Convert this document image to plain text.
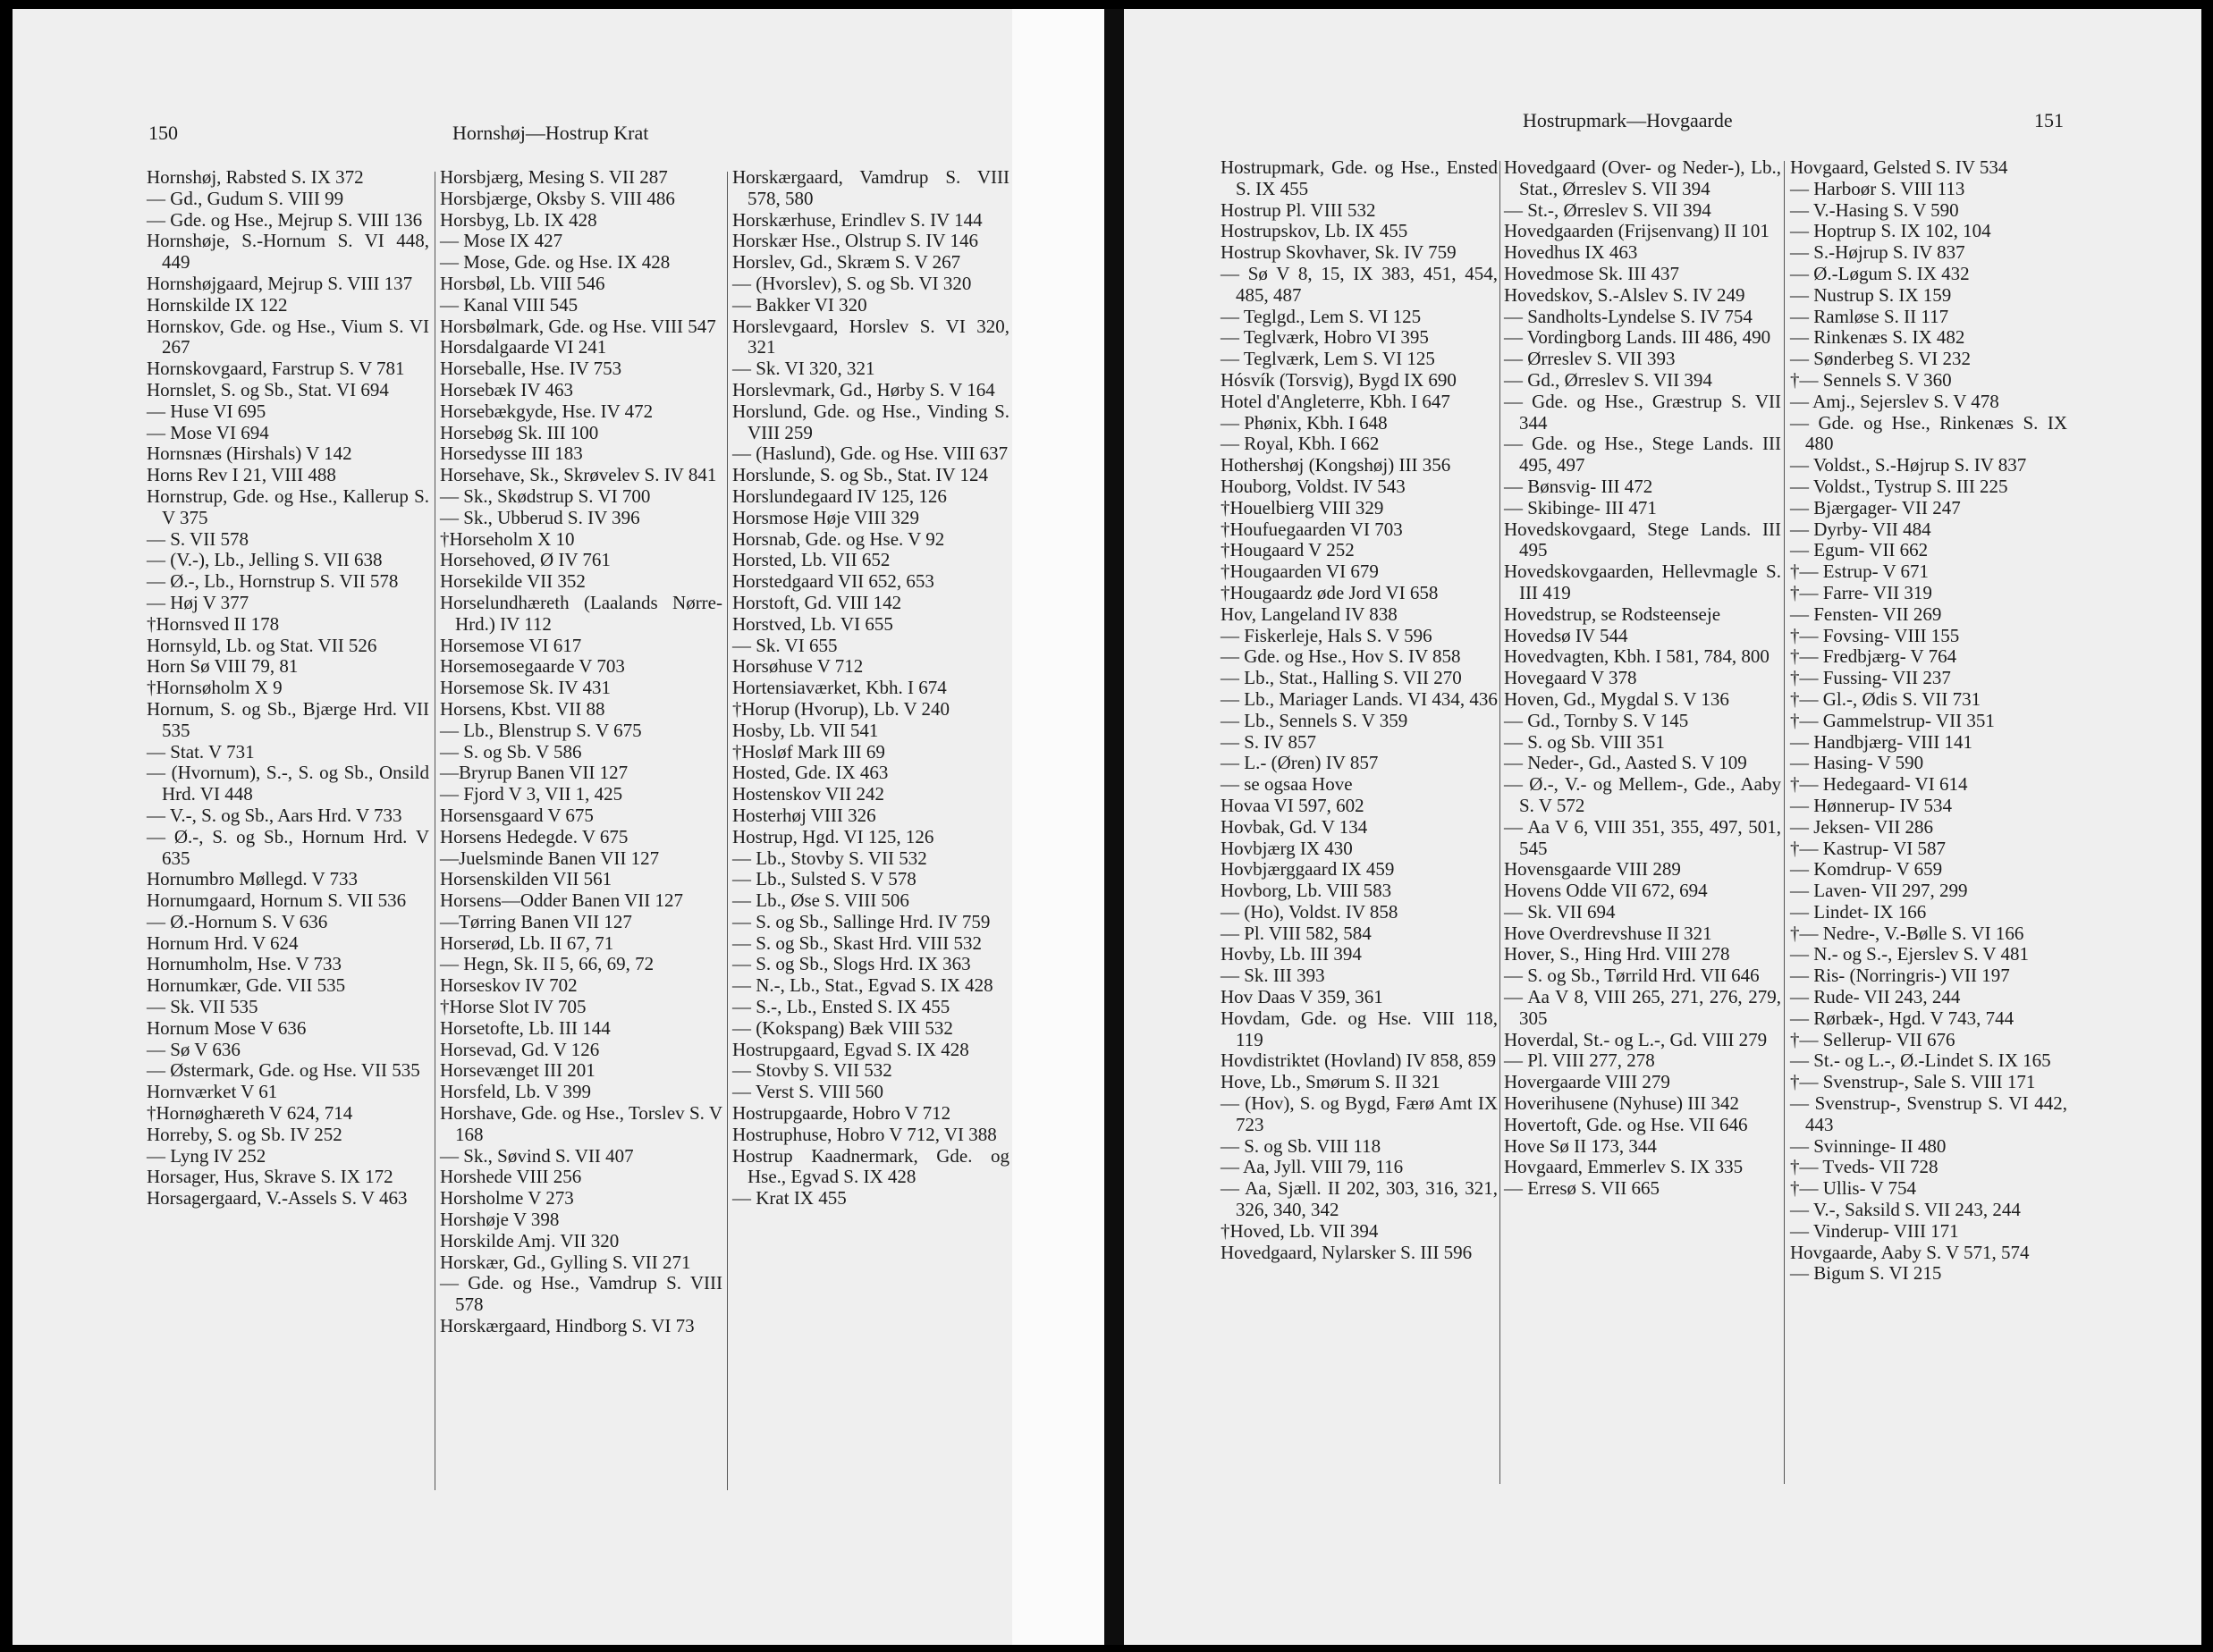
150	Hornshøj—Hostrup Krat
Hornshøj, Rabsted S. IX 372
— Gd., Gudum S. VIII 99
— Gde. og Hse., Mejrup S. VIII 136
Hornshøje, S.-Hornum S. VI 448, 449
Hornshøjgaard, Mejrup S. VIII 137
Hornskilde IX 122
Hornskov, Gde. og Hse., Vium S. VI 267
Hornskovgaard, Farstrup S. V 781
Hornslet, S. og Sb., Stat. VI 694
— Huse VI 695
— Mose VI 694
Hornsnæs (Hirshals) V 142
Horns Rev I 21, VIII 488
Hornstrup, Gde. og Hse., Kallerup S. V 375
— S. VII 578
— (V.-), Lb., Jelling S. VII 638
— Ø.-, Lb., Hornstrup S. VII 578
— Høj V 377
†Hornsved II 178
Hornsyld, Lb. og Stat. VII 526
Horn Sø VIII 79, 81
†Hornsøholm X 9
Hornum, S. og Sb., Bjærge Hrd. VII 535
— Stat. V 731
— (Hvornum), S.-, S. og Sb., Onsild Hrd. VI 448
— V.-, S. og Sb., Aars Hrd. V 733
— Ø.-, S. og Sb., Hornum Hrd. V 635
Hornumbro Møllegd. V 733
Hornumgaard, Hornum S. VII 536
— Ø.-Hornum S. V 636
Hornum Hrd. V 624
Hornumholm, Hse. V 733
Hornumkær, Gde. VII 535
— Sk. VII 535
Hornum Mose V 636
— Sø V 636
— Østermark, Gde. og Hse. VII 535
Hornværket V 61
†Hornøghæreth V 624, 714
Horreby, S. og Sb. IV 252
— Lyng IV 252
Horsager, Hus, Skrave S. IX 172
Horsagergaard, V.-Assels S. V 463
Horsbjærg, Mesing S. VII 287
Horsbjærge, Oksby S. VIII 486
Horsbyg, Lb. IX 428
— Mose IX 427
— Mose, Gde. og Hse. IX 428
Horsbøl, Lb. VIII 546
— Kanal VIII 545
Horsbølmark, Gde. og Hse. VIII 547
Horsdalgaarde VI 241
Horseballe, Hse. IV 753
Horsebæk IV 463
Horsebækgyde, Hse. IV 472
Horsebøg Sk. III 100
Horsedysse III 183
Horsehave, Sk., Skrøvelev S. IV 841
— Sk., Skødstrup S. VI 700
— Sk., Ubberud S. IV 396
†Horseholm X 10
Horsehoved, Ø IV 761
Horsekilde VII 352
Horselundhæreth (Laalands Nørre-Hrd.) IV 112
Horsemose VI 617
Horsemosegaarde V 703
Horsemose Sk. IV 431
Horsens, Kbst. VII 88
— Lb., Blenstrup S. V 675
— S. og Sb. V 586
—Bryrup Banen VII 127
— Fjord V 3, VII 1, 425
Horsensgaard V 675
Horsens Hedegde. V 675
—Juelsminde Banen VII 127
Horsenskilden VII 561
Horsens—Odder Banen VII 127
—Tørring Banen VII 127
Horserød, Lb. II 67, 71
— Hegn, Sk. II 5, 66, 69, 72
Horseskov IV 702
†Horse Slot IV 705
Horsetofte, Lb. III 144
Horsevad, Gd. V 126
Horsevænget III 201
Horsfeld, Lb. V 399
Horshave, Gde. og Hse., Torslev S. V 168
— Sk., Søvind S. VII 407
Horshede VIII 256
Horsholme V 273
Horshøje V 398
Horskilde Amj. VII 320
Horskær, Gd., Gylling S. VII 271
— Gde. og Hse., Vamdrup S. VIII 578
Horskærgaard, Hindborg S. VI 73
Horskærgaard, Vamdrup S. VIII 578, 580
Horskærhuse, Erindlev S. IV 144
Horskær Hse., Olstrup S. IV 146
Horslev, Gd., Skræm S. V 267
— (Hvorslev), S. og Sb. VI 320
— Bakker VI 320
Horslevgaard, Horslev S. VI 320, 321
— Sk. VI 320, 321
Horslevmark, Gd., Hørby S. V 164
Horslund, Gde. og Hse., Vinding S. VIII 259
— (Haslund), Gde. og Hse. VIII 637
Horslunde, S. og Sb., Stat. IV 124
Horslundegaard IV 125, 126
Horsmose Høje VIII 329
Horsnab, Gde. og Hse. V 92
Horsted, Lb. VII 652
Horstedgaard VII 652, 653
Horstoft, Gd. VIII 142
Horstved, Lb. VI 655
— Sk. VI 655
Horsøhuse V 712
Hortensiaværket, Kbh. I 674
†Horup (Hvorup), Lb. V 240
Hosby, Lb. VII 541
†Hosløf Mark III 69
Hosted, Gde. IX 463
Hostenskov VII 242
Hosterhøj VIII 326
Hostrup, Hgd. VI 125, 126
— Lb., Stovby S. VII 532
— Lb., Sulsted S. V 578
— Lb., Øse S. VIII 506
— S. og Sb., Sallinge Hrd. IV 759
— S. og Sb., Skast Hrd. VIII 532
— S. og Sb., Slogs Hrd. IX 363
— N.-, Lb., Stat., Egvad S. IX 428
— S.-, Lb., Ensted S. IX 455
— (Kokspang) Bæk VIII 532
Hostrupgaard, Egvad S. IX 428
— Stovby S. VII 532
— Verst S. VIII 560
Hostrupgaarde, Hobro V 712
Hostruphuse, Hobro V 712, VI 388
Hostrup Kaadnermark, Gde. og Hse., Egvad S. IX 428
— Krat IX 455
Hostrupmark—Hovgaarde	151
Hostrupmark, Gde. og Hse., Ensted S. IX 455
Hostrup Pl. VIII 532
Hostrupskov, Lb. IX 455
Hostrup Skovhaver, Sk. IV 759
— Sø V 8, 15, IX 383, 451, 454, 485, 487
— Teglgd., Lem S. VI 125
— Teglværk, Hobro VI 395
— Teglværk, Lem S. VI 125
Hósvík (Torsvig), Bygd IX 690
Hotel d'Angleterre, Kbh. I 647
— Phønix, Kbh. I 648
— Royal, Kbh. I 662
Hothershøj (Kongshøj) III 356
Houborg, Voldst. IV 543
†Houelbierg VIII 329
†Houfuegaarden VI 703
†Hougaard V 252
†Hougaarden VI 679
†Hougaardz øde Jord VI 658
Hov, Langeland IV 838
— Fiskerleje, Hals S. V 596
— Gde. og Hse., Hov S. IV 858
— Lb., Stat., Halling S. VII 270
— Lb., Mariager Lands. VI 434, 436
— Lb., Sennels S. V 359
— S. IV 857
— L.- (Øren) IV 857
— se ogsaa Hove
Hovaa VI 597, 602
Hovbak, Gd. V 134
Hovbjærg IX 430
Hovbjærggaard IX 459
Hovborg, Lb. VIII 583
— (Ho), Voldst. IV 858
— Pl. VIII 582, 584
Hovby, Lb. III 394
— Sk. III 393
Hov Daas V 359, 361
Hovdam, Gde. og Hse. VIII 118, 119
Hovdistriktet (Hovland) IV 858, 859
Hove, Lb., Smørum S. II 321
— (Hov), S. og Bygd, Færø Amt IX 723
— S. og Sb. VIII 118
— Aa, Jyll. VIII 79, 116
— Aa, Sjæll. II 202, 303, 316, 321, 326, 340, 342
†Hoved, Lb. VII 394
Hovedgaard, Nylarsker S. III 596
Hovedgaard (Over- og Neder-), Lb., Stat., Ørreslev S. VII 394
— St.-, Ørreslev S. VII 394
Hovedgaarden (Frijsenvang) II 101
Hovedhus IX 463
Hovedmose Sk. III 437
Hovedskov, S.-Alslev S. IV 249
— Sandholts-Lyndelse S. IV 754
— Vordingborg Lands. III 486, 490
— Ørreslev S. VII 393
— Gd., Ørreslev S. VII 394
— Gde. og Hse., Græstrup S. VII 344
— Gde. og Hse., Stege Lands. III 495, 497
— Bønsvig- III 472
— Skibinge- III 471
Hovedskovgaard, Stege Lands. III 495
Hovedskovgaarden, Hellevmagle S. III 419
Hovedstrup, se Rodsteenseje
Hovedsø IV 544
Hovedvagten, Kbh. I 581, 784, 800
Hovegaard V 378
Hoven, Gd., Mygdal S. V 136
— Gd., Tornby S. V 145
— S. og Sb. VIII 351
— Neder-, Gd., Aasted S. V 109
— Ø.-, V.- og Mellem-, Gde., Aaby S. V 572
— Aa V 6, VIII 351, 355, 497, 501, 545
Hovensgaarde VIII 289
Hovens Odde VII 672, 694
— Sk. VII 694
Hove Overdrevshuse II 321
Hover, S., Hing Hrd. VIII 278
— S. og Sb., Tørrild Hrd. VII 646
— Aa V 8, VIII 265, 271, 276, 279, 305
Hoverdal, St.- og L.-, Gd. VIII 279
— Pl. VIII 277, 278
Hovergaarde VIII 279
Hoverihusene (Nyhuse) III 342
Hovertoft, Gde. og Hse. VII 646
Hove Sø II 173, 344
Hovgaard, Emmerlev S. IX 335
— Erresø S. VII 665
Hovgaard, Gelsted S. IV 534
— Harboør S. VIII 113
— V.-Hasing S. V 590
— Hoptrup S. IX 102, 104
— S.-Højrup S. IV 837
— Ø.-Løgum S. IX 432
— Nustrup S. IX 159
— Ramløse S. II 117
— Rinkenæs S. IX 482
— Sønderbeg S. VI 232
†— Sennels S. V 360
— Amj., Sejerslev S. V 478
— Gde. og Hse., Rinkenæs S. IX 480
— Voldst., S.-Højrup S. IV 837
— Voldst., Tystrup S. III 225
— Bjærgager- VII 247
— Dyrby- VII 484
— Egum- VII 662
†— Estrup- V 671
†— Farre- VII 319
— Fensten- VII 269
†— Fovsing- VIII 155
†— Fredbjærg- V 764
†— Fussing- VII 237
†— Gl.-, Ødis S. VII 731
†— Gammelstrup- VII 351
— Handbjærg- VIII 141
— Hasing- V 590
†— Hedegaard- VI 614
— Hønnerup- IV 534
— Jeksen- VII 286
†— Kastrup- VI 587
— Komdrup- V 659
— Laven- VII 297, 299
— Lindet- IX 166
†— Nedre-, V.-Bølle S. VI 166
— N.- og S.-, Ejerslev S. V 481
— Ris- (Norringris-) VII 197
— Rude- VII 243, 244
— Rørbæk-, Hgd. V 743, 744
†— Sellerup- VII 676
— St.- og L.-, Ø.-Lindet S. IX 165
†— Svenstrup-, Sale S. VIII 171
— Svenstrup-, Svenstrup S. VI 442, 443
— Svinninge- II 480
†— Tveds- VII 728
†— Ullis- V 754
— V.-, Saksild S. VII 243, 244
— Vinderup- VIII 171
Hovgaarde, Aaby S. V 571, 574
— Bigum S. VI 215
